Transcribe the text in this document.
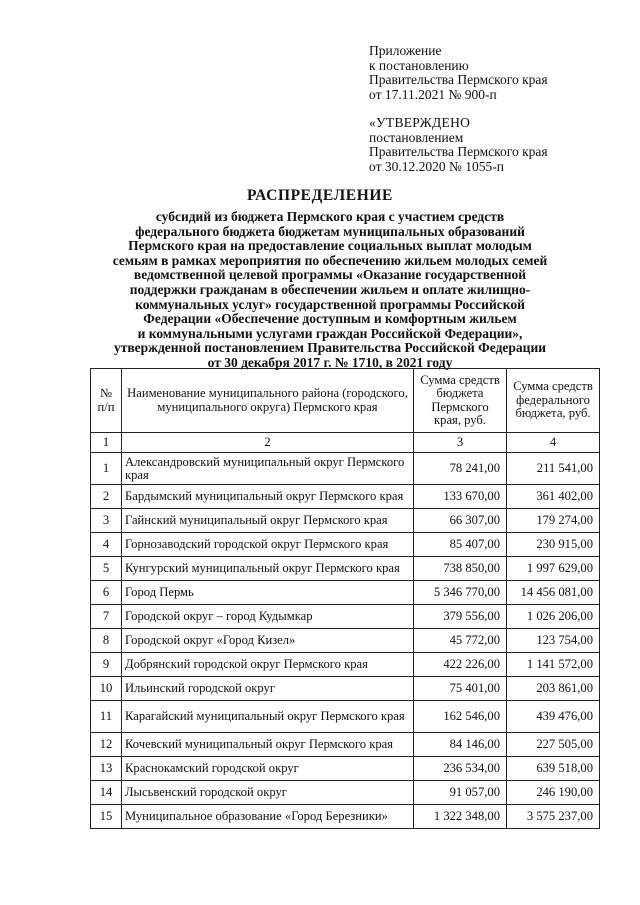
Приложение
к постановлению
Правительства Пермского края
от 17.11.2021 № 900-п
«УТВЕРЖДЕНО
постановлением
Правительства Пермского края
от 30.12.2020 № 1055-п
РАСПРЕДЕЛЕНИЕ
субсидий из бюджета Пермского края с участием средств
федерального бюджета бюджетам муниципальных образований
Пермского края на предоставление социальных выплат молодым
семьям в рамках мероприятия по обеспечению жильем молодых семей
ведомственной целевой программы «Оказание государственной
поддержки гражданам в обеспечении жильем и оплате жилищно-
коммунальных услуг» государственной программы Российской
Федерации «Обеспечение доступным и комфортным жильем
и коммунальными услугами граждан Российской Федерации»,
утвержденной постановлением Правительства Российской Федерации
от 30 декабря 2017 г. № 1710, в 2021 году
№ п/п	Наименование муниципального района (городского, муниципального округа) Пермского края	Сумма средств бюджета Пермского края, руб.	Сумма средств федерального бюджета, руб.
1	2	3	4
1	Александровский муниципальный округ Пермского края	78 241,00	211 541,00
2	Бардымский муниципальный округ Пермского края	133 670,00	361 402,00
3	Гайнский муниципальный округ Пермского края	66 307,00	179 274,00
4	Горнозаводский городской округ Пермского края	85 407,00	230 915,00
5	Кунгурский муниципальный округ Пермского края	738 850,00	1 997 629,00
6	Город Пермь	5 346 770,00	14 456 081,00
7	Городской округ – город Кудымкар	379 556,00	1 026 206,00
8	Городской округ «Город Кизел»	45 772,00	123 754,00
9	Добрянский городской округ Пермского края	422 226,00	1 141 572,00
10	Ильинский городской округ	75 401,00	203 861,00
11	Карагайский муниципальный округ Пермского края	162 546,00	439 476,00
12	Кочевский муниципальный округ Пермского края	84 146,00	227 505,00
13	Краснокамский городской округ	236 534,00	639 518,00
14	Лысьвенский городской округ	91 057,00	246 190,00
15	Муниципальное образование «Город Березники»	1 322 348,00	3 575 237,00
